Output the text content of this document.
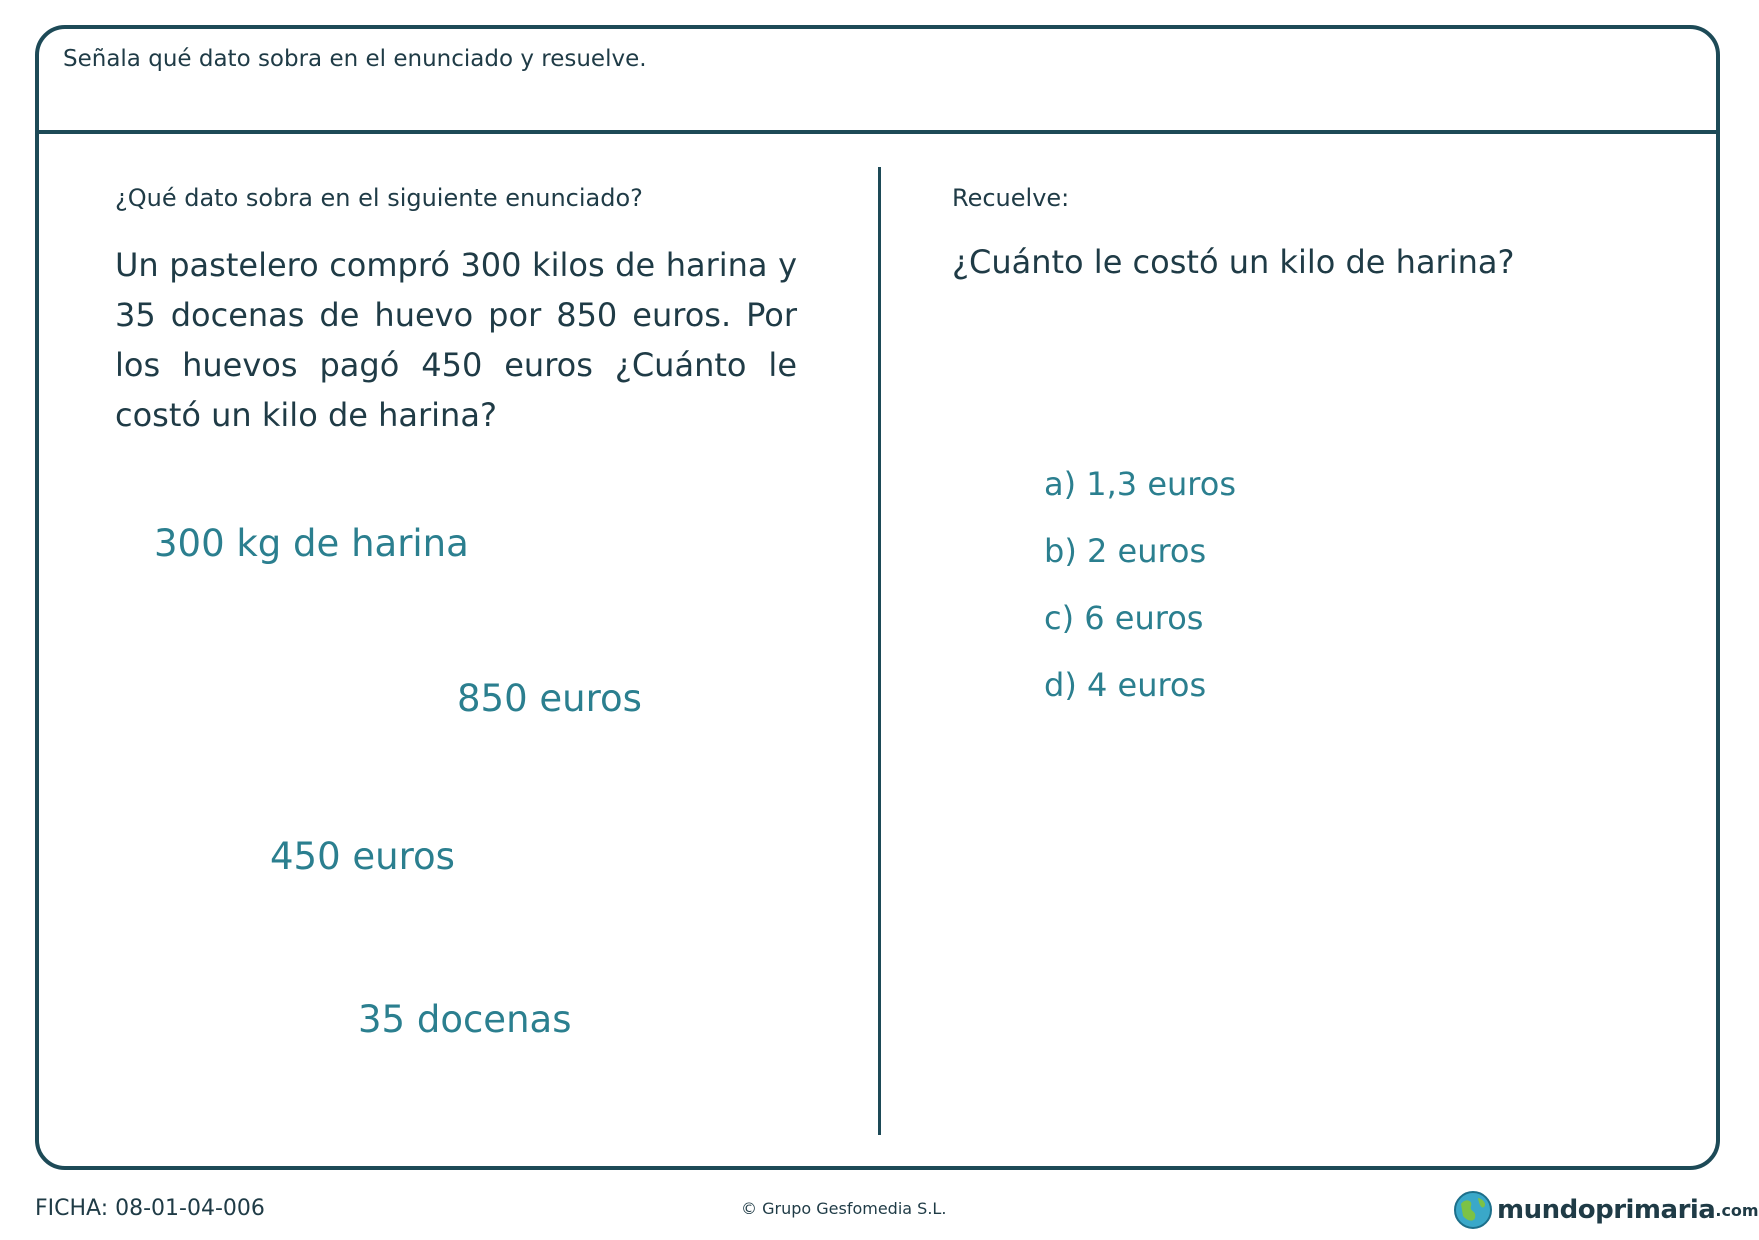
Señala qué dato sobra en el enunciado y resuelve.
¿Qué dato sobra en el siguiente enunciado?
Un pastelero compró 300 kilos de harina y 35 docenas de huevo por 850 euros. Por los huevos pagó 450 euros ¿Cuánto le costó un kilo de harina?
300 kg de harina
850 euros
450 euros
35 docenas
Recuelve:
¿Cuánto le costó un kilo de harina?
a) 1,3 euros
b) 2 euros
c) 6 euros
d) 4 euros
FICHA: 08-01-04-006	© Grupo Gesfomedia S.L.	mundoprimaria .com
